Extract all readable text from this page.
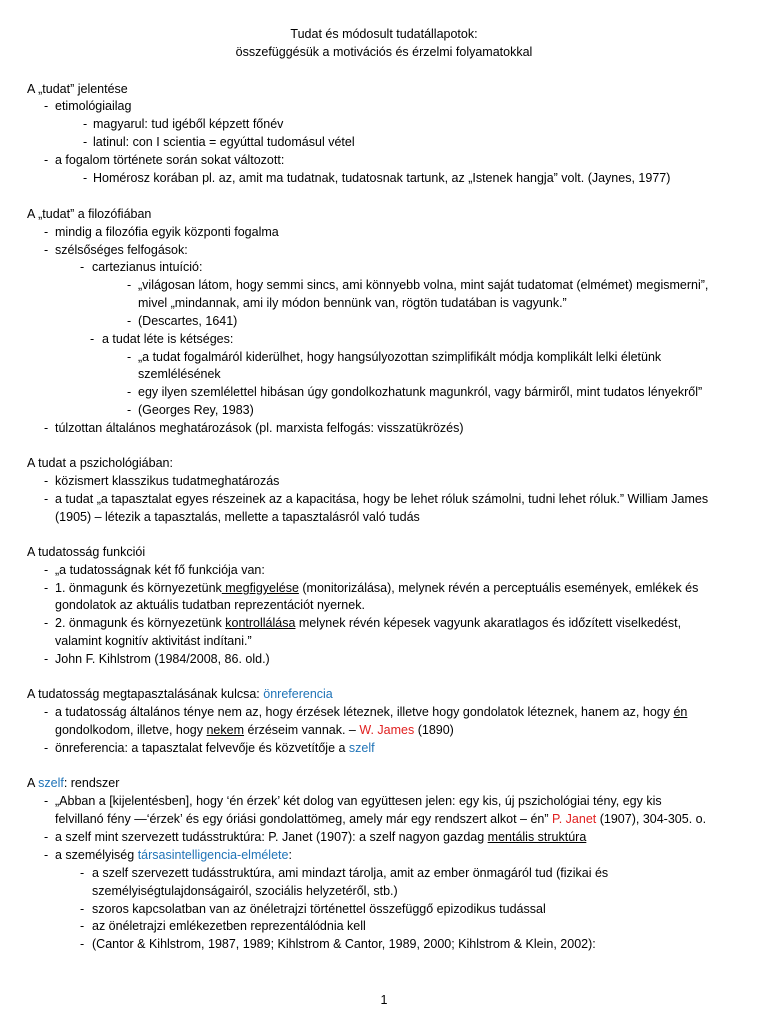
Tudat és módosult tudatállapotok:
összefüggésük a motivációs és érzelmi folyamatokkal
A „tudat” jelentése
- etimológiailag
- magyarul: tud igéből képzett főnév
- latinul: con I scientia = egyúttal tudomásul vétel
- a fogalom története során sokat változott:
- Homérosz korában pl. az, amit ma tudatnak, tudatosnak tartunk, az „Istenek hangja” volt. (Jaynes, 1977)
A „tudat” a filozófiában
- mindig a filozófia egyik központi fogalma
- szélsőséges felfogások:
- cartezianus intuíció:
- „világosan látom, hogy semmi sincs, ami könnyebb volna, mint saját tudatomat (elmémet) megismerni”,
mivel „mindannak, ami ily módon bennünk van, rögtön tudatában is vagyunk.”
- (Descartes, 1641)
- a tudat léte is kétséges:
- „a tudat fogalmáról kiderülhet, hogy hangsúlyozottan szimplifikált módja komplikált lelki életünk
szemlélésének
- egy ilyen szemlélettel hibásan úgy gondolkozhatunk magunkról, vagy bármiről, mint tudatos lényekről”
- (Georges Rey, 1983)
- túlzottan általános meghatározások (pl. marxista felfogás: visszatükrözés)
A tudat a pszichológiában:
- közismert klasszikus tudatmeghatározás
- a tudat „a tapasztalat egyes részeinek az a kapacitása, hogy be lehet róluk számolni, tudni lehet róluk.” William James
(1905) – létezik a tapasztalás, mellette a tapasztalásról való tudás
A tudatosság funkciói
- „a tudatosságnak két fő funkciója van:
- 1. önmagunk és környezetünk megfigyelése (monitorizálása), melynek révén a perceptuális események, emlékek és
gondolatok az aktuális tudatban reprezentációt nyernek.
- 2. önmagunk és környezetünk kontrollálása melynek révén képesek vagyunk akaratlagos és időzített viselkedést,
valamint kognitív aktivitást indítani.”
- John F. Kihlstrom (1984/2008, 86. old.)
A tudatosság megtapasztalásának kulcsa: önreferencia
- a tudatosság általános tényе nem az, hogy érzések léteznek, illetve hogy gondolatok léteznek, hanem az, hogy én
gondolkodom, illetve, hogy nekem érzéseim vannak. – W. James (1890)
- önreferencia: a tapasztalat felvevője és közvetítője a szelf
A szelf: rendszer
- „Abban a [kijelentésben], hogy ‘én érzek’ két dolog van együttesen jelen: egy kis, új pszichológiai tény, egy kis
felvillanó fény —‘érzek’ és egy óriási gondolattömeg, amely már egy rendszert alkot – én” P. Janet (1907), 304-305. o.
- a szelf mint szervezett tudásstruktúra: P. Janet (1907): a szelf nagyon gazdag mentális struktúra
- a személyiség társasintelligencia-elmélete:
- a szelf szervezett tudásstruktúra, ami mindazt tárolja, amit az ember önmagáról tud (fizikai és
személyiségtulajdonságairól, szociális helyzetéről, stb.)
- szoros kapcsolatban van az önéletrajzi történettel összefüggő epizodikus tudással
- az önéletrajzi emlékezetben reprezentálódnia kell
- (Cantor & Kihlstrom, 1987, 1989; Kihlstrom & Cantor, 1989, 2000; Kihlstrom & Klein, 2002):
1
